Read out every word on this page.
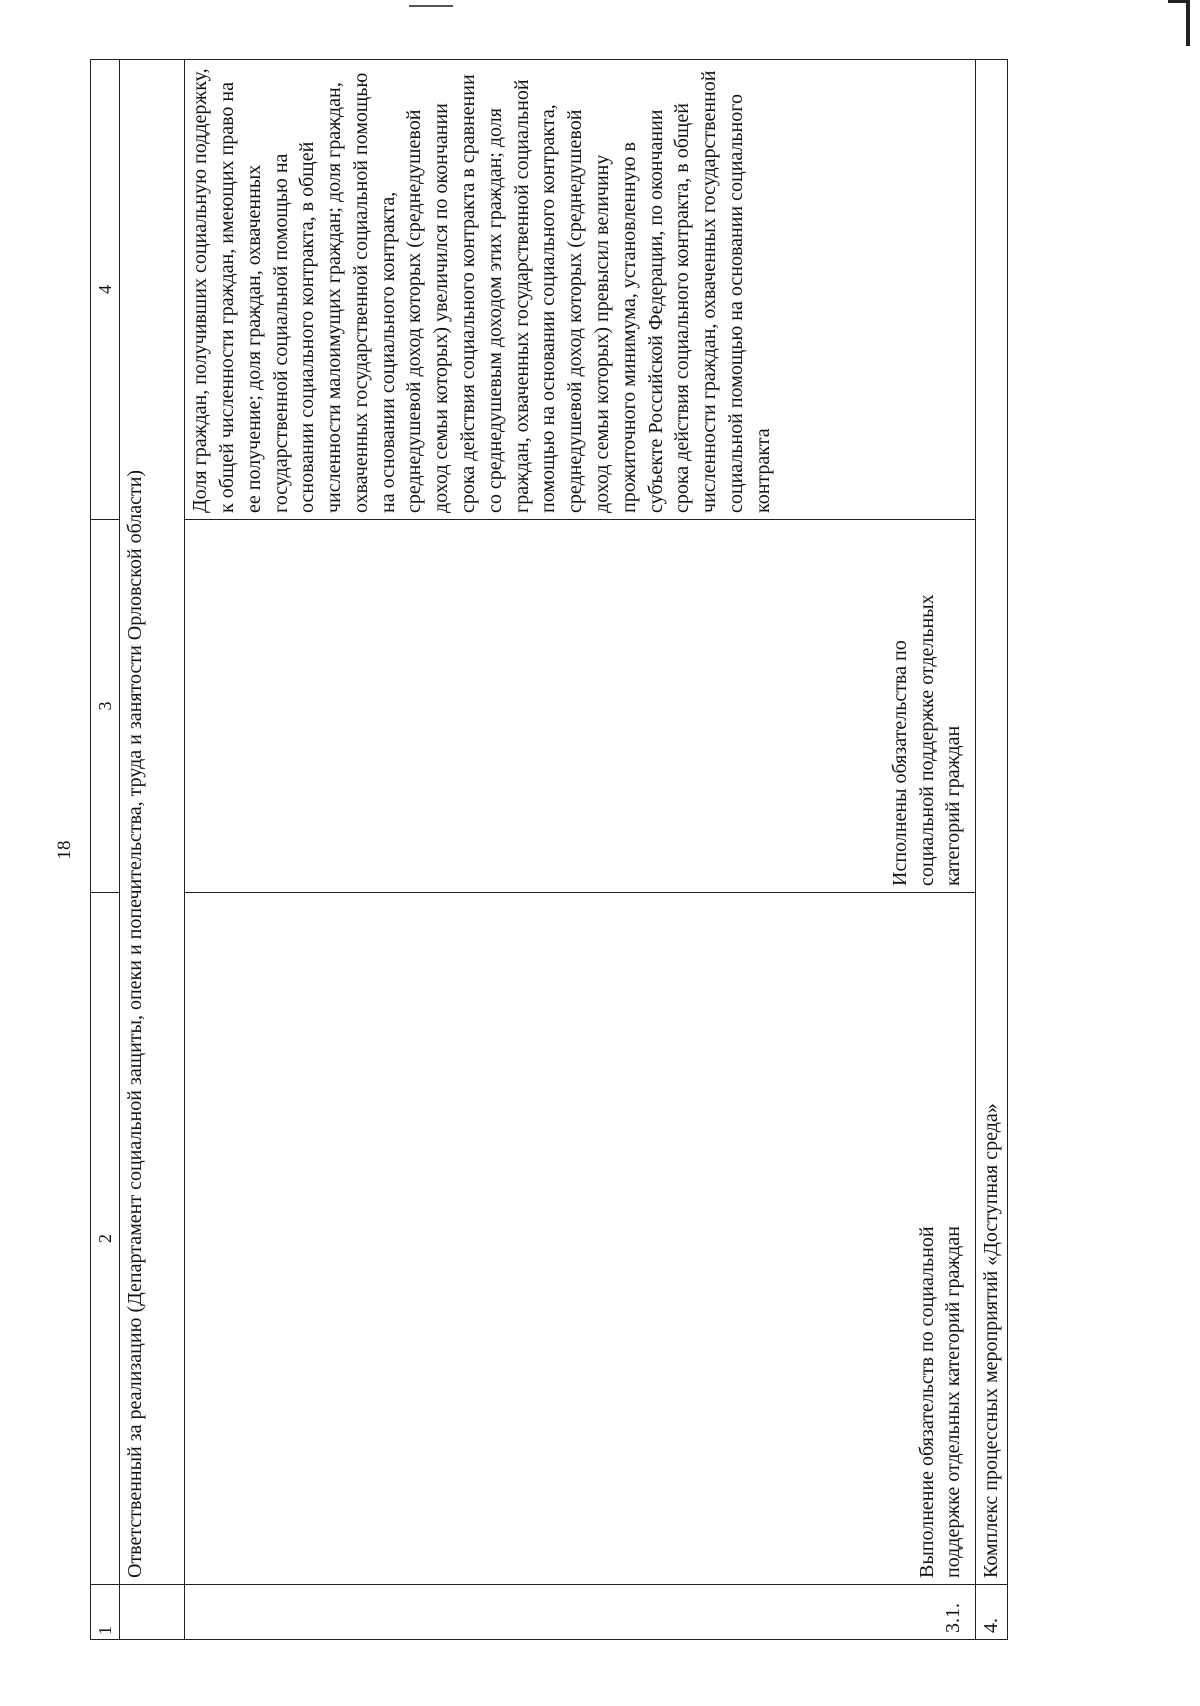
18
1	2	3	4
	Ответственный за реализацию (Департамент социальной защиты, опеки и попечительства, труда и занятости Орловской области)		
3.1.	Выполнение обязательств по социальной поддержке отдельных категорий граждан	Исполнены обязательства по социальной поддержке отдельных категорий граждан	Доля граждан, получивших социальную поддержку, к общей численности граждан, имеющих право на ее получение; доля граждан, охваченных государственной социальной помощью на основании социального контракта, в общей численности малоимущих граждан; доля граждан, охваченных государственной социальной помощью на основании социального контракта, среднедушевой доход которых (среднедушевой доход семьи которых) увеличился по окончании срока действия социального контракта в сравнении со среднедушевым доходом этих граждан; доля граждан, охваченных государственной социальной помощью на основании социального контракта, среднедушевой доход которых (среднедушевой доход семьи которых) превысил величину прожиточного минимума, установленную в субъекте Российской Федерации, по окончании срока действия социального контракта, в общей численности граждан, охваченных государственной социальной помощью на основании социального контракта
4.	Комплекс процессных мероприятий «Доступная среда»		
